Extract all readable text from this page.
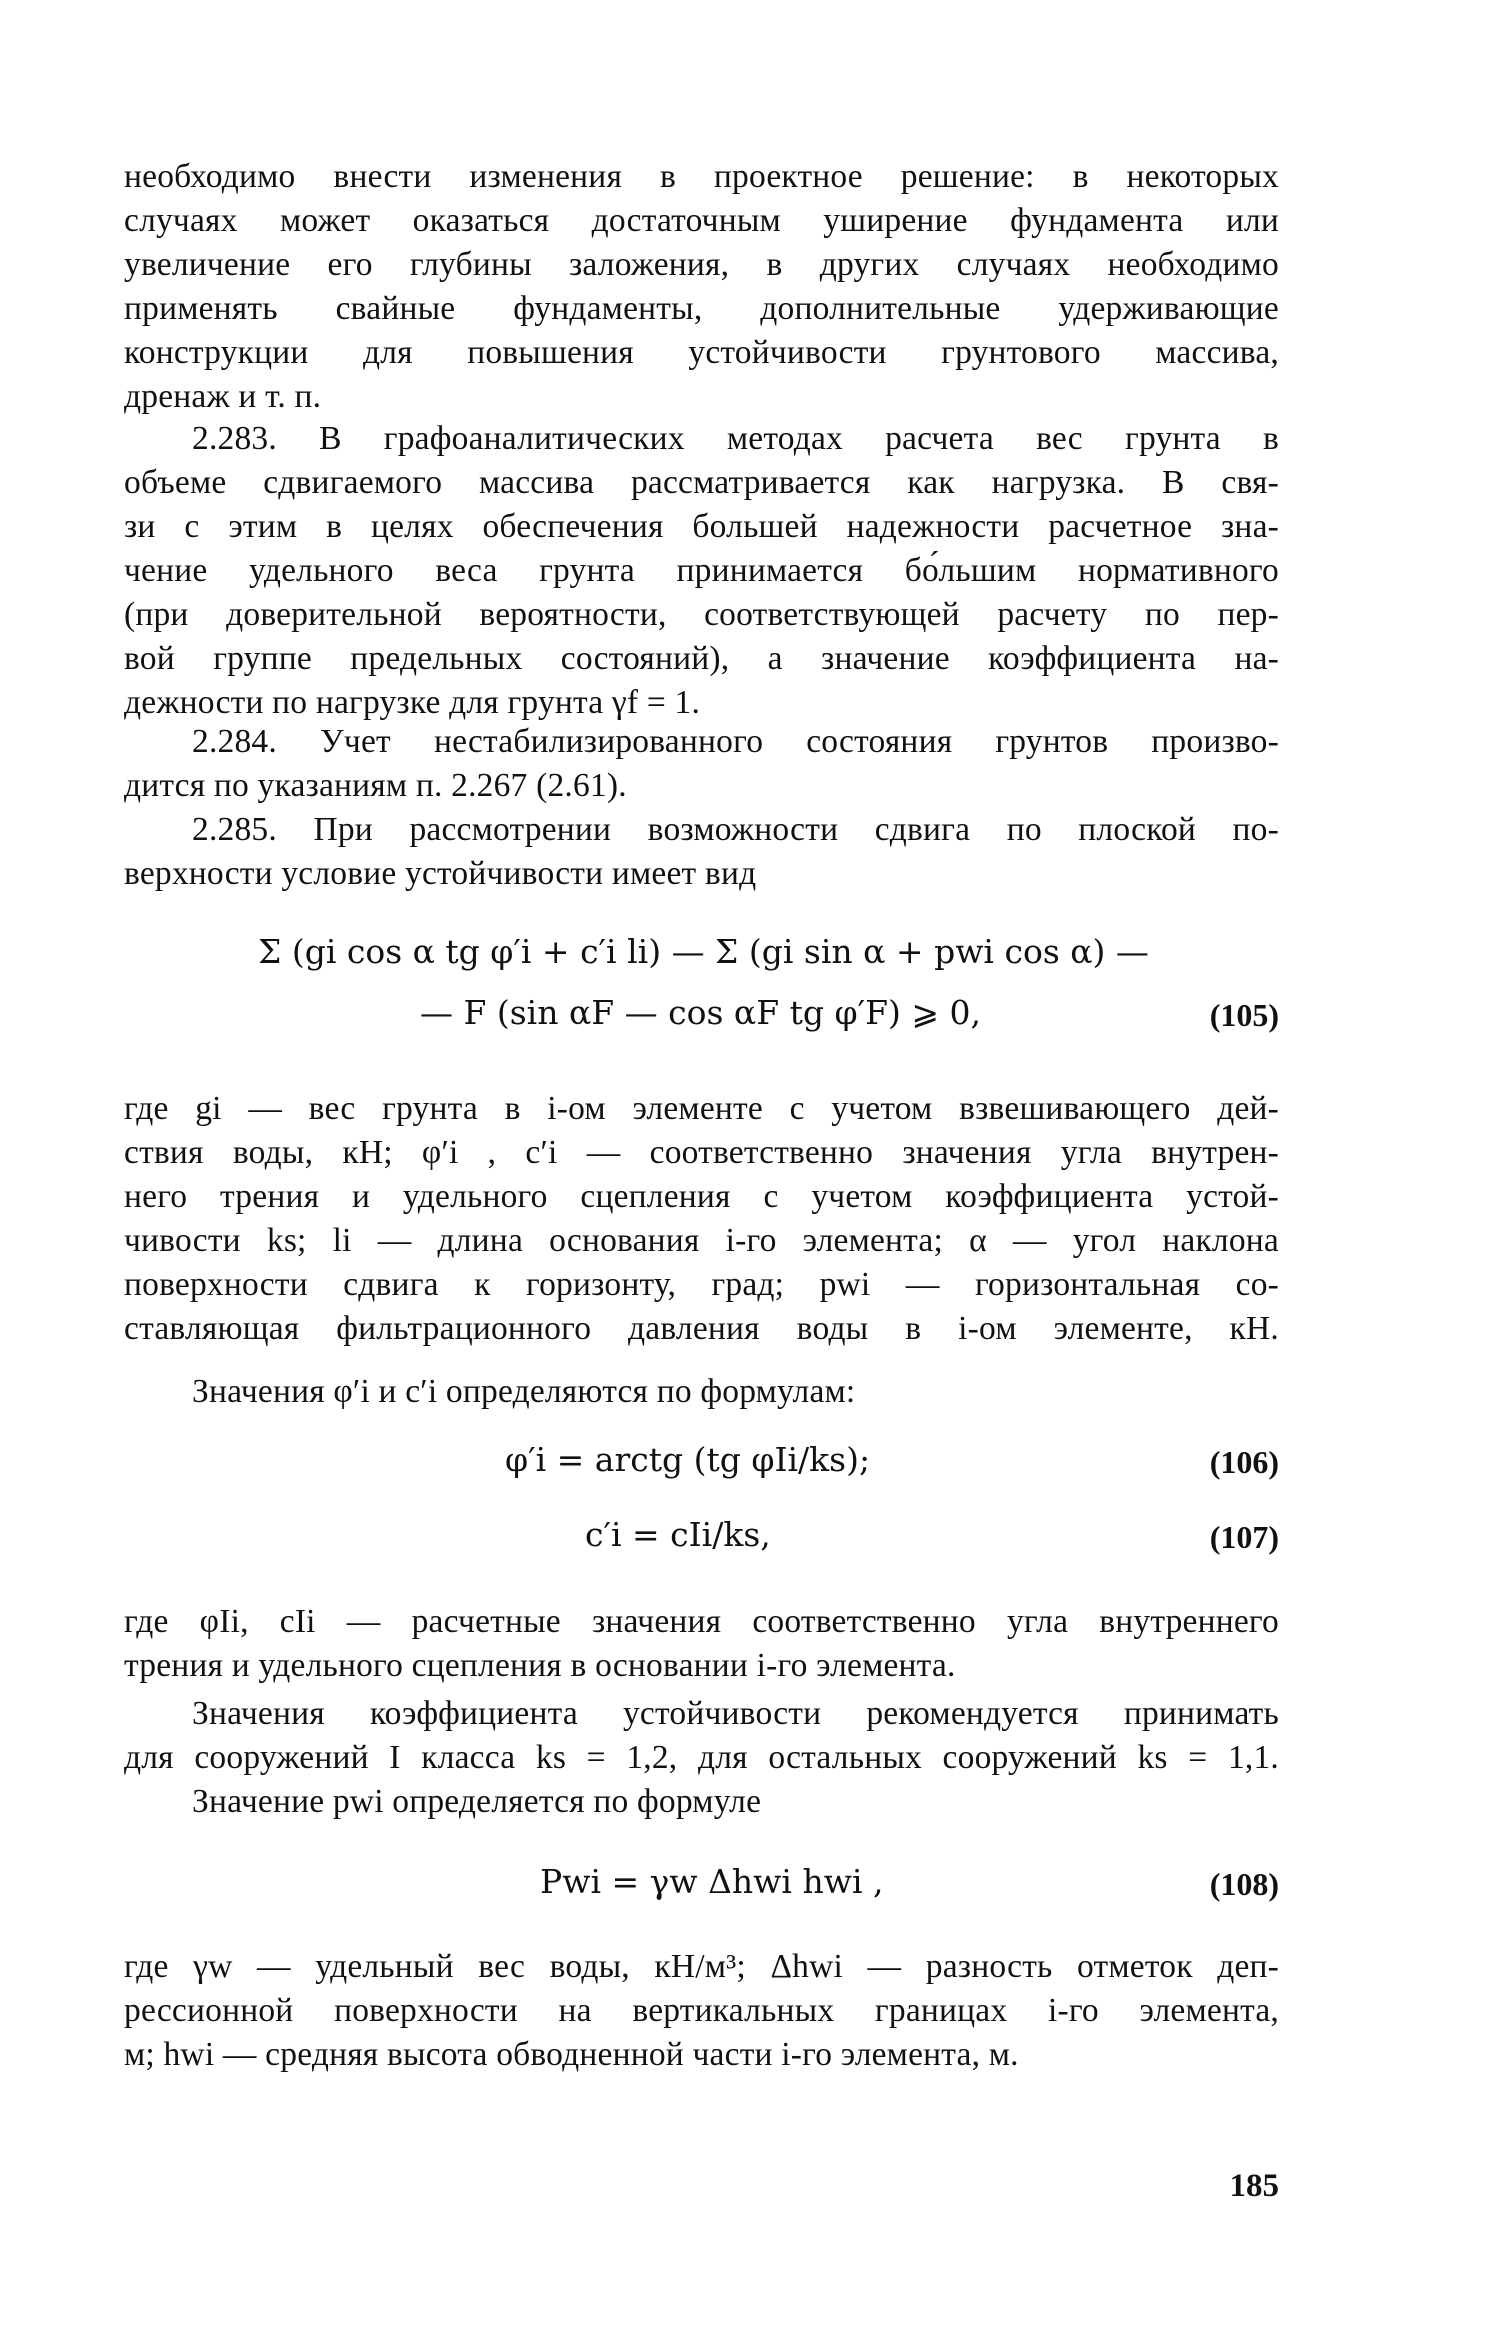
необходимо внести изменения в проектное решение: в некоторых
случаях может оказаться достаточным уширение фундамента или
увеличение его глубины заложения, в других случаях необходимо
применять свайные фундаменты, дополнительные удерживающие
конструкции для повышения устойчивости грунтового массива,
дренаж и т. п.
2.283. В графоаналитических методах расчета вес грунта в
объеме сдвигаемого массива рассматривается как нагрузка. В свя-
зи с этим в целях обеспечения большей надежности расчетное зна-
чение удельного веса грунта принимается бо́льшим нормативного
(при доверительной вероятности, соответствующей расчету по пер-
вой группе предельных состояний), а значение коэффициента на-
дежности по нагрузке для грунта γf = 1.
2.284. Учет нестабилизированного состояния грунтов произво-
дится по указаниям п. 2.267 (2.61).
2.285. При рассмотрении возможности сдвига по плоской по-
верхности условие устойчивости имеет вид
Σ (gi cos α tg φ′i + c′i li) — Σ (gi sin α + pwi cos α) —
— F (sin αF — cos αF tg φ′F) ⩾ 0,	(105)
где gi — вес грунта в i-ом элементе с учетом взвешивающего дей-
ствия воды, кН; φ′i , c′i — соответственно значения угла внутрен-
него трения и удельного сцепления с учетом коэффициента устой-
чивости ks; li — длина основания i-го элемента; α — угол наклона
поверхности сдвига к горизонту, град; pwi — горизонтальная со-
ставляющая фильтрационного давления воды в i-ом элементе, кН.
Значения φ′i и c′i определяются по формулам:
φ′i = arctg (tg φIi/ks);	(106)
c′i = cIi/ks,	(107)
где φIi, cIi — расчетные значения соответственно угла внутреннего
трения и удельного сцепления в основании i-го элемента.
Значения коэффициента устойчивости рекомендуется принимать
для сооружений I класса ks = 1,2, для остальных сооружений ks = 1,1.
Значение pwi определяется по формуле
Pwi = γw Δhwi hwi ,	(108)
где γw — удельный вес воды, кН/м³; Δhwi — разность отметок деп-
рессионной поверхности на вертикальных границах i-го элемента,
м; hwi — средняя высота обводненной части i-го элемента, м.
185
